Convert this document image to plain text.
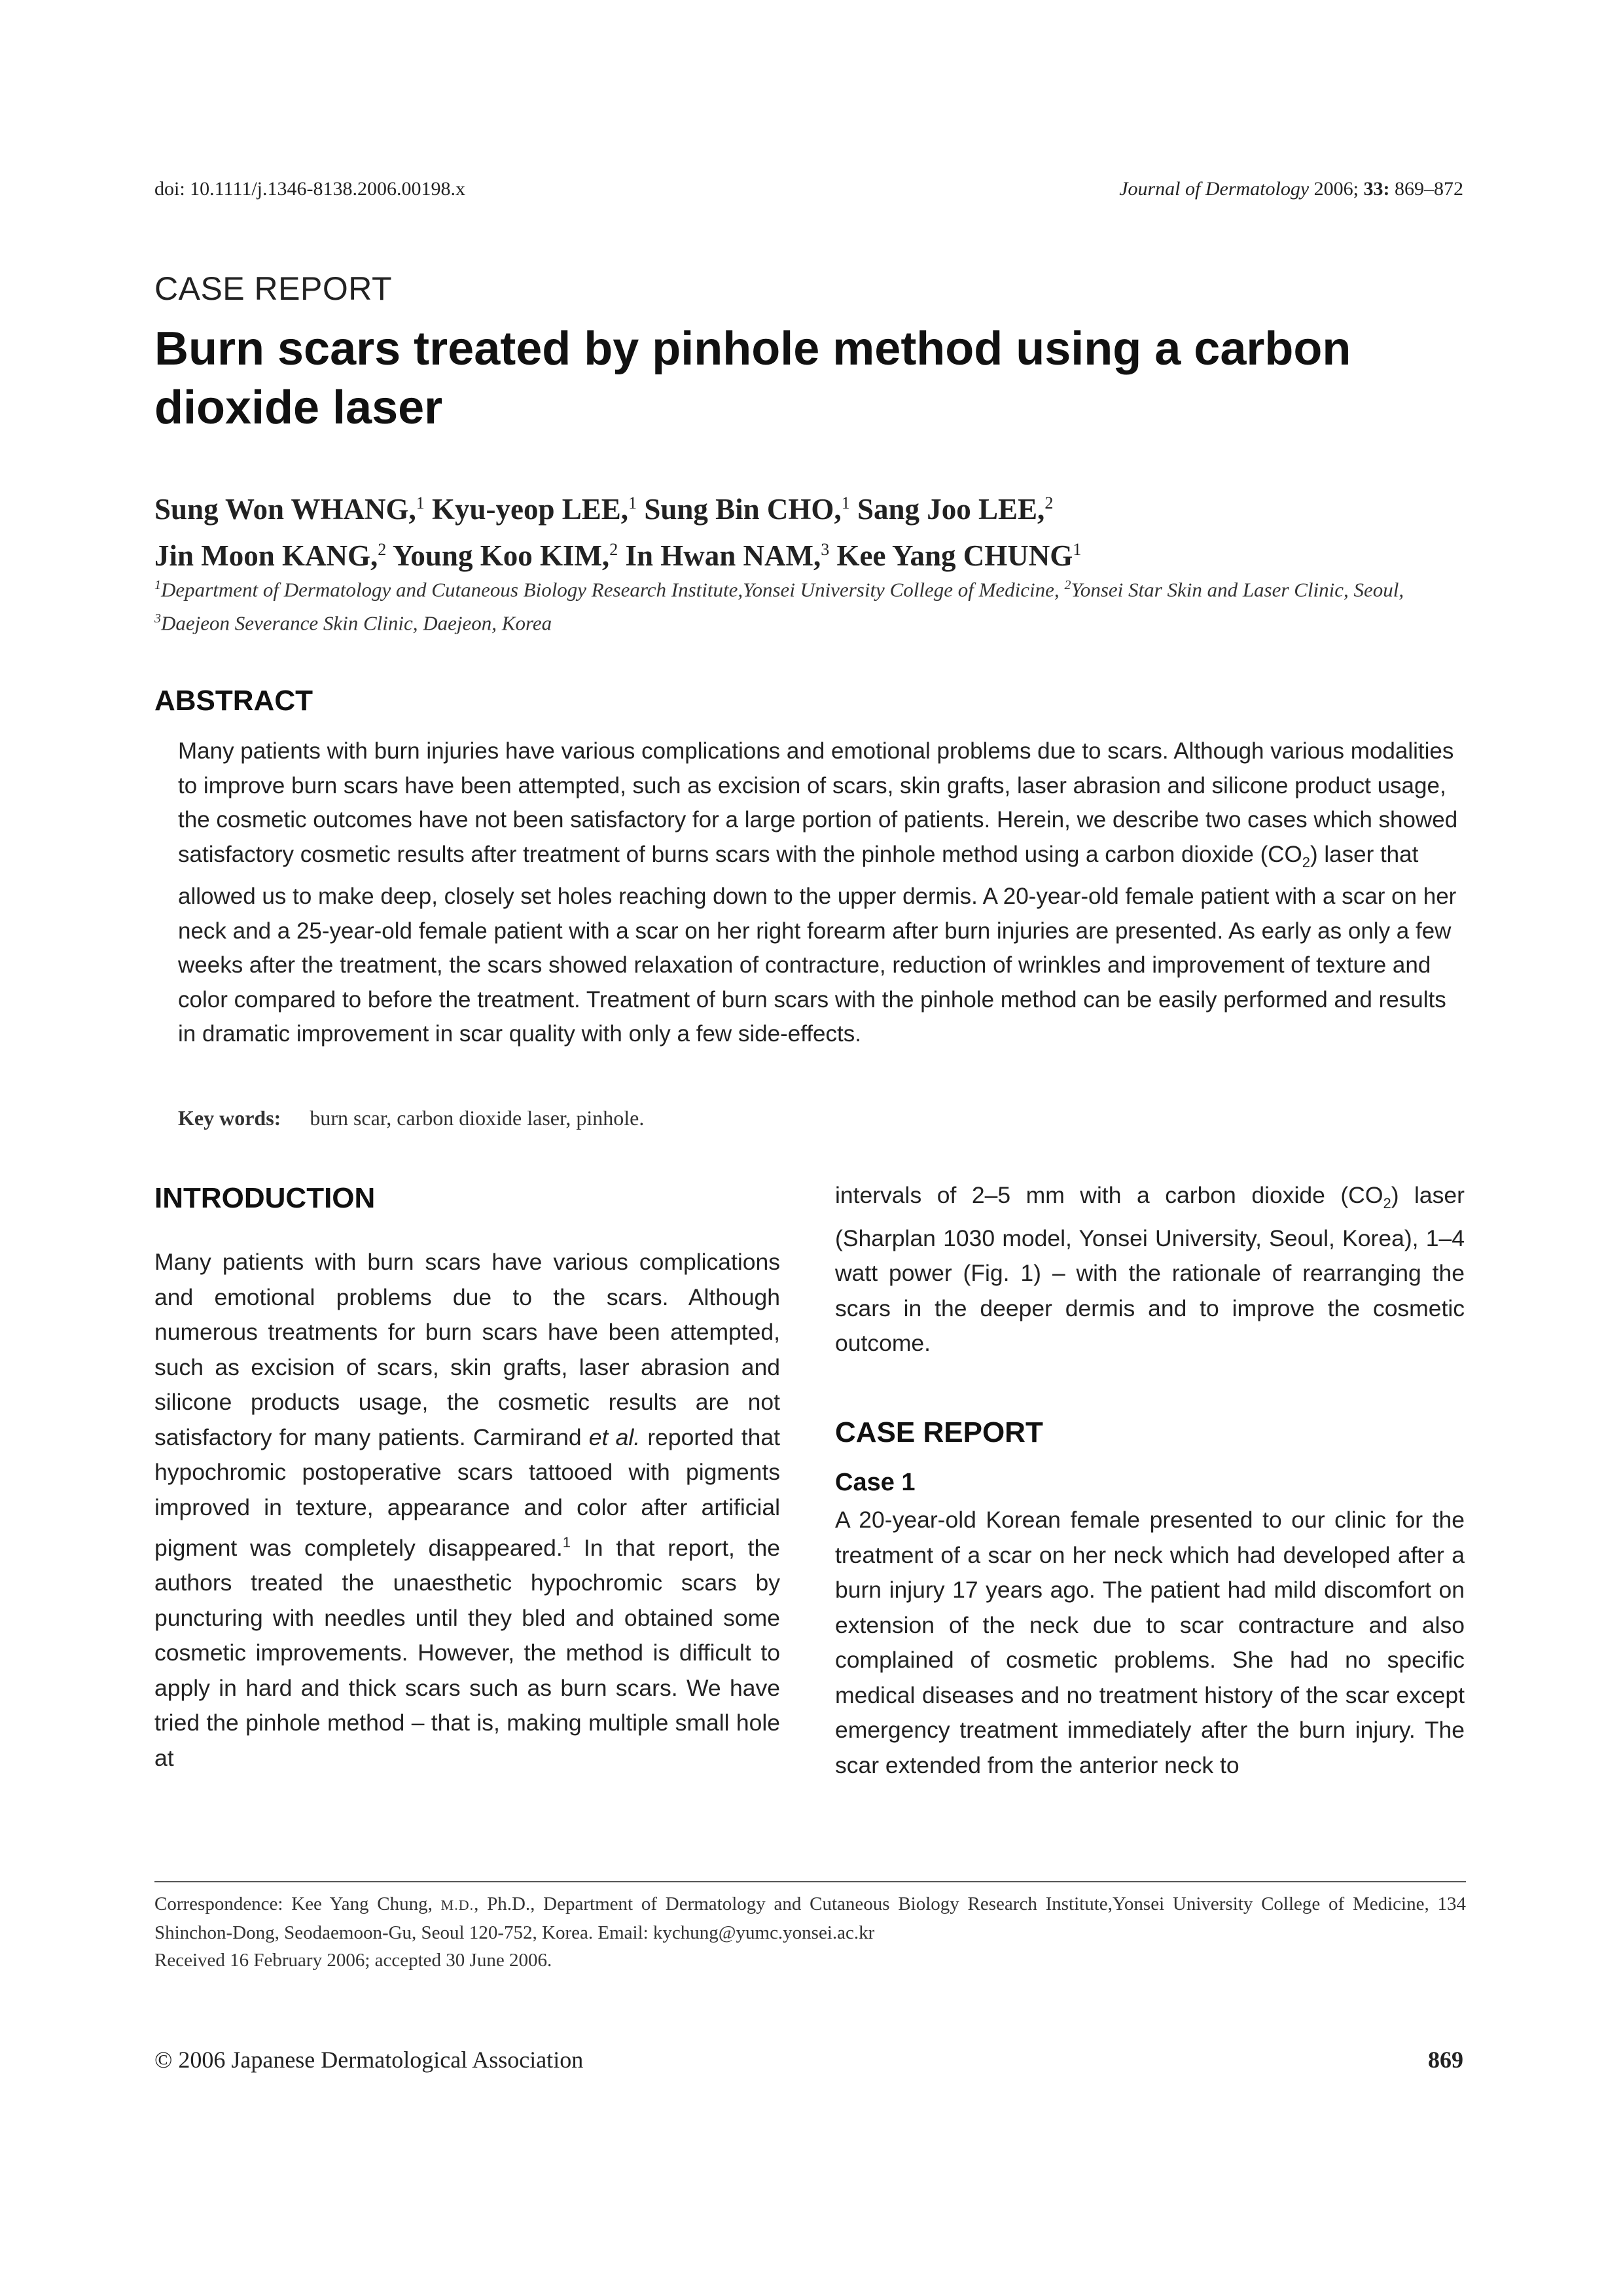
doi: 10.1111/j.1346-8138.2006.00198.x	Journal of Dermatology 2006; 33: 869–872
CASE REPORT
Burn scars treated by pinhole method using a carbon dioxide laser
Sung Won WHANG,$^1$ Kyu-yeop LEE,$^1$ Sung Bin CHO,$^1$ Sang Joo LEE,$^2$
Jin Moon KANG,$^2$ Young Koo KIM,$^2$ In Hwan NAM,$^3$ Kee Yang CHUNG$^1$
$^1$Department of Dermatology and Cutaneous Biology Research Institute,Yonsei University College of Medicine, $^2$Yonsei Star Skin and Laser Clinic, Seoul, $^3$Daejeon Severance Skin Clinic, Daejeon, Korea
ABSTRACT
Many patients with burn injuries have various complications and emotional problems due to scars. Although various modalities to improve burn scars have been attempted, such as excision of scars, skin grafts, laser abrasion and silicone product usage, the cosmetic outcomes have not been satisfactory for a large portion of patients. Herein, we describe two cases which showed satisfactory cosmetic results after treatment of burns scars with the pinhole method using a carbon dioxide $(CO_2)$ laser that allowed us to make deep, closely set holes reaching down to the upper dermis. A 20-year-old female patient with a scar on her neck and a 25-year-old female patient with a scar on her right forearm after burn injuries are presented. As early as only a few weeks after the treatment, the scars showed relaxation of contracture, reduction of wrinkles and improvement of texture and color compared to before the treatment. Treatment of burn scars with the pinhole method can be easily performed and results in dramatic improvement in scar quality with only a few side-effects.
Key words: burn scar, carbon dioxide laser, pinhole.
INTRODUCTION
Many patients with burn scars have various complications and emotional problems due to the scars. Although numerous treatments for burn scars have been attempted, such as excision of scars, skin grafts, laser abrasion and silicone products usage, the cosmetic results are not satisfactory for many patients. Carmirand et al. reported that hypochromic postoperative scars tattooed with pigments improved in texture, appearance and color after artificial pigment was completely disappeared.$^1$ In that report, the authors treated the unaesthetic hypochromic scars by puncturing with needles until they bled and obtained some cosmetic improvements. However, the method is difficult to apply in hard and thick scars such as burn scars. We have tried the pinhole method – that is, making multiple small hole at
intervals of 2–5 mm with a carbon dioxide $(CO_2)$ laser (Sharplan 1030 model, Yonsei University, Seoul, Korea), 1–4 watt power (Fig. 1) – with the rationale of rearranging the scars in the deeper dermis and to improve the cosmetic outcome.
CASE REPORT
Case 1
A 20-year-old Korean female presented to our clinic for the treatment of a scar on her neck which had developed after a burn injury 17 years ago. The patient had mild discomfort on extension of the neck due to scar contracture and also complained of cosmetic problems. She had no specific medical diseases and no treatment history of the scar except emergency treatment immediately after the burn injury. The scar extended from the anterior neck to
Correspondence: Kee Yang Chung, M.D., Ph.D., Department of Dermatology and Cutaneous Biology Research Institute,Yonsei University College of Medicine, 134 Shinchon-Dong, Seodaemoon-Gu, Seoul 120-752, Korea. Email: kychung@yumc.yonsei.ac.kr
Received 16 February 2006; accepted 30 June 2006.
© 2006 Japanese Dermatological Association	869
